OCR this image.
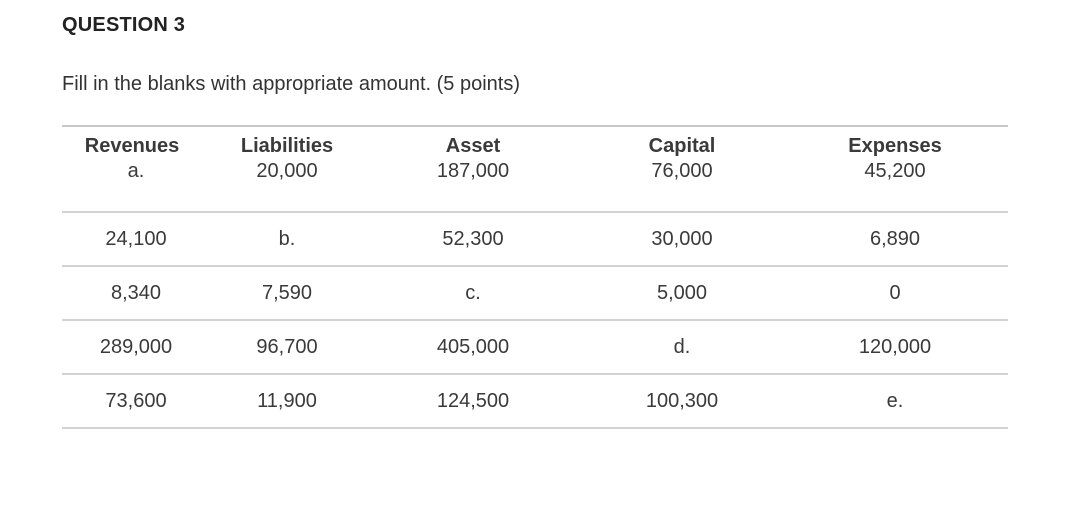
QUESTION 3
Fill in the blanks with appropriate amount. (5 points)
Revenues	Liabilities	Asset	Capital	Expenses
a.	20,000	187,000	76,000	45,200
24,100	b.	52,300	30,000	6,890
8,340	7,590	c.	5,000	0
289,000	96,700	405,000	d.	120,000
73,600	11,900	124,500	100,300	e.
